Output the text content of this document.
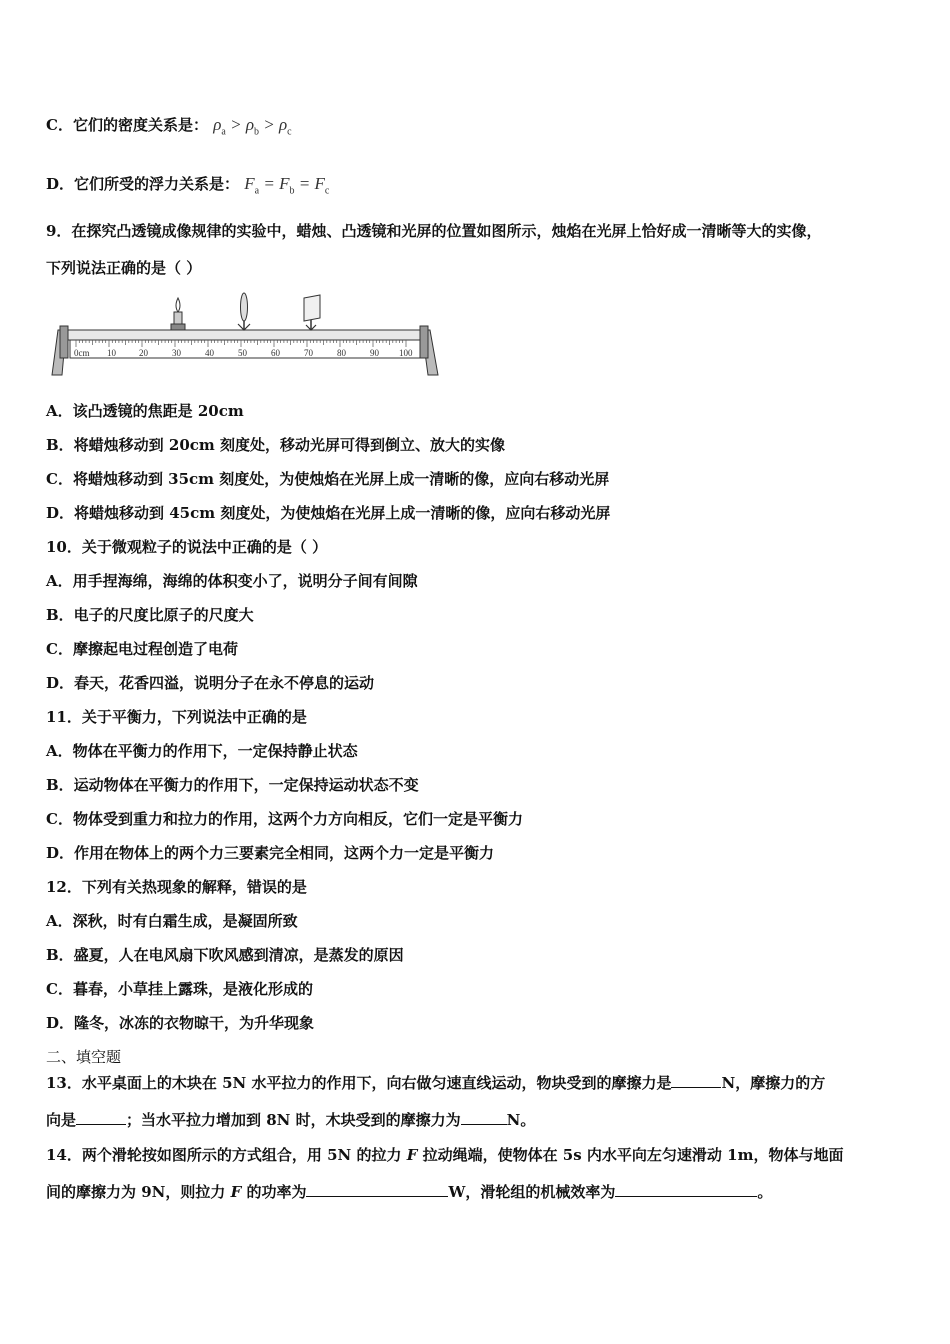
C．它们的密度关系是： $\rho_a > \rho_b > \rho_c$
D．它们所受的浮力关系是： $F_a = F_b = F_c$
9．在探究凸透镜成像规律的实验中，蜡烛、凸透镜和光屏的位置如图所示，烛焰在光屏上恰好成一清晰等大的实像，
下列说法正确的是（ ）
0cm 10	20	30	40	50	60	70	80	90 100
A．该凸透镜的焦距是 20cm
B．将蜡烛移动到 20cm 刻度处，移动光屏可得到倒立、放大的实像
C．将蜡烛移动到 35cm 刻度处，为使烛焰在光屏上成一清晰的像，应向右移动光屏
D．将蜡烛移动到 45cm 刻度处，为使烛焰在光屏上成一清晰的像，应向右移动光屏
10．关于微观粒子的说法中正确的是（ ）
A．用手捏海绵，海绵的体积变小了，说明分子间有间隙
B．电子的尺度比原子的尺度大
C．摩擦起电过程创造了电荷
D．春天，花香四溢，说明分子在永不停息的运动
11．关于平衡力，下列说法中正确的是
A．物体在平衡力的作用下，一定保持静止状态
B．运动物体在平衡力的作用下，一定保持运动状态不变
C．物体受到重力和拉力的作用，这两个力方向相反，它们一定是平衡力
D．作用在物体上的两个力三要素完全相同，这两个力一定是平衡力
12．下列有关热现象的解释，错误的是
A．深秋，时有白霜生成，是凝固所致
B．盛夏，人在电风扇下吹风感到清凉，是蒸发的原因
C．暮春，小草挂上露珠，是液化形成的
D．隆冬，冰冻的衣物晾干，为升华现象
二、填空题
13．水平桌面上的木块在 5N 水平拉力的作用下，向右做匀速直线运动，物块受到的摩擦力是	N，摩擦力的方
向是	；当水平拉力增加到 8N 时，木块受到的摩擦力为	N。
14．两个滑轮按如图所示的方式组合，用 5N 的拉力 F 拉动绳端，使物体在 5s 内水平向左匀速滑动 1m，物体与地面
间的摩擦力为 9N，则拉力 F 的功率为	W，滑轮组的机械效率为	。
